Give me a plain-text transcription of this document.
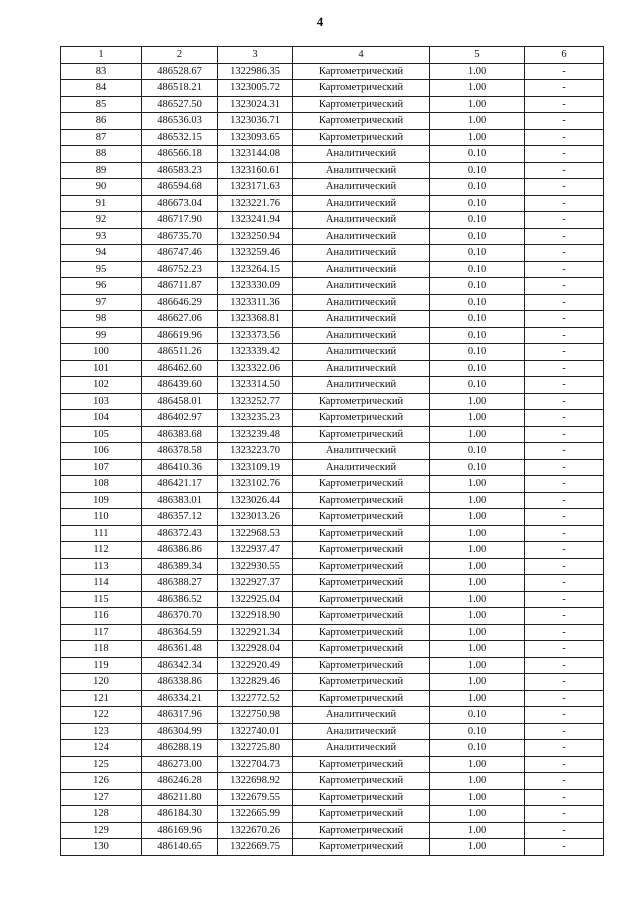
4
1	2	3	4	5	6
83	486528.67	1322986.35	Картометрический	1.00	-
84	486518.21	1323005.72	Картометрический	1.00	-
85	486527.50	1323024.31	Картометрический	1.00	-
86	486536.03	1323036.71	Картометрический	1.00	-
87	486532.15	1323093.65	Картометрический	1.00	-
88	486566.18	1323144.08	Аналитический	0.10	-
89	486583.23	1323160.61	Аналитический	0.10	-
90	486594.68	1323171.63	Аналитический	0.10	-
91	486673.04	1323221.76	Аналитический	0.10	-
92	486717.90	1323241.94	Аналитический	0.10	-
93	486735.70	1323250.94	Аналитический	0.10	-
94	486747.46	1323259.46	Аналитический	0.10	-
95	486752.23	1323264.15	Аналитический	0.10	-
96	486711.87	1323330.09	Аналитический	0.10	-
97	486646.29	1323311.36	Аналитический	0.10	-
98	486627.06	1323368.81	Аналитический	0.10	-
99	486619.96	1323373.56	Аналитический	0.10	-
100	486511.26	1323339.42	Аналитический	0.10	-
101	486462.60	1323322.06	Аналитический	0.10	-
102	486439.60	1323314.50	Аналитический	0.10	-
103	486458.01	1323252.77	Картометрический	1.00	-
104	486402.97	1323235.23	Картометрический	1.00	-
105	486383.68	1323239.48	Картометрический	1.00	-
106	486378.58	1323223.70	Аналитический	0.10	-
107	486410.36	1323109.19	Аналитический	0.10	-
108	486421.17	1323102.76	Картометрический	1.00	-
109	486383.01	1323026.44	Картометрический	1.00	-
110	486357.12	1323013.26	Картометрический	1.00	-
111	486372.43	1322968.53	Картометрический	1.00	-
112	486386.86	1322937.47	Картометрический	1.00	-
113	486389.34	1322930.55	Картометрический	1.00	-
114	486388.27	1322927.37	Картометрический	1.00	-
115	486386.52	1322925.04	Картометрический	1.00	-
116	486370.70	1322918.90	Картометрический	1.00	-
117	486364.59	1322921.34	Картометрический	1.00	-
118	486361.48	1322928.04	Картометрический	1.00	-
119	486342.34	1322920.49	Картометрический	1.00	-
120	486338.86	1322829.46	Картометрический	1.00	-
121	486334.21	1322772.52	Картометрический	1.00	-
122	486317.96	1322750.98	Аналитический	0.10	-
123	486304.99	1322740.01	Аналитический	0.10	-
124	486288.19	1322725.80	Аналитический	0.10	-
125	486273.00	1322704.73	Картометрический	1.00	-
126	486246.28	1322698.92	Картометрический	1.00	-
127	486211.80	1322679.55	Картометрический	1.00	-
128	486184.30	1322665.99	Картометрический	1.00	-
129	486169.96	1322670.26	Картометрический	1.00	-
130	486140.65	1322669.75	Картометрический	1.00	-
